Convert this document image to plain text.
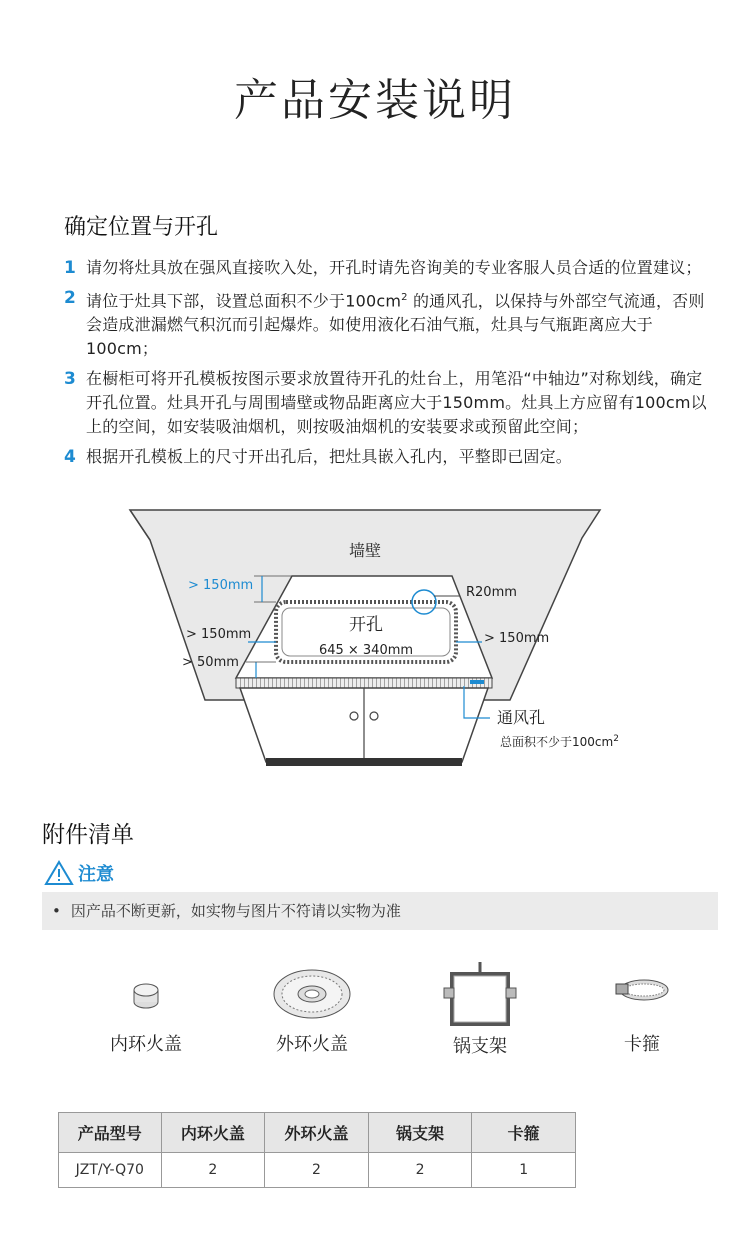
产品安装说明
确定位置与开孔
1 请勿将灶具放在强风直接吹入处，开孔时请先咨询美的专业客服人员合适的位置建议；
2 请位于灶具下部，设置总面积不少于$100cm^2$ 的通风孔，以保持与外部空气流通，否则会造成泄漏燃气积沉而引起爆炸。如使用液化石油气瓶，灶具与气瓶距离应大于100cm；
3 在橱柜可将开孔模板按图示要求放置待开孔的灶台上，用笔沿“中轴边”对称划线，确定开孔位置。灶具开孔与周围墙壁或物品距离应大于150mm。灶具上方应留有100cm以上的空间，如安装吸油烟机，则按吸油烟机的安装要求或预留此空间；
4 根据开孔模板上的尺寸开出孔后，把灶具嵌入孔内，平整即已固定。
墙壁
开孔
645 × 340mm
R20mm
> 150mm
> 150mm
> 50mm
> 150mm
通风孔
总面积不少于$100cm^2$
附件清单
注意
• 因产品不断更新，如实物与图片不符请以实物为准
内环火盖	外环火盖	锅支架	卡箍
产品型号	内环火盖	外环火盖	锅支架	卡箍
JZT/Y-Q70	2	2	2	1
